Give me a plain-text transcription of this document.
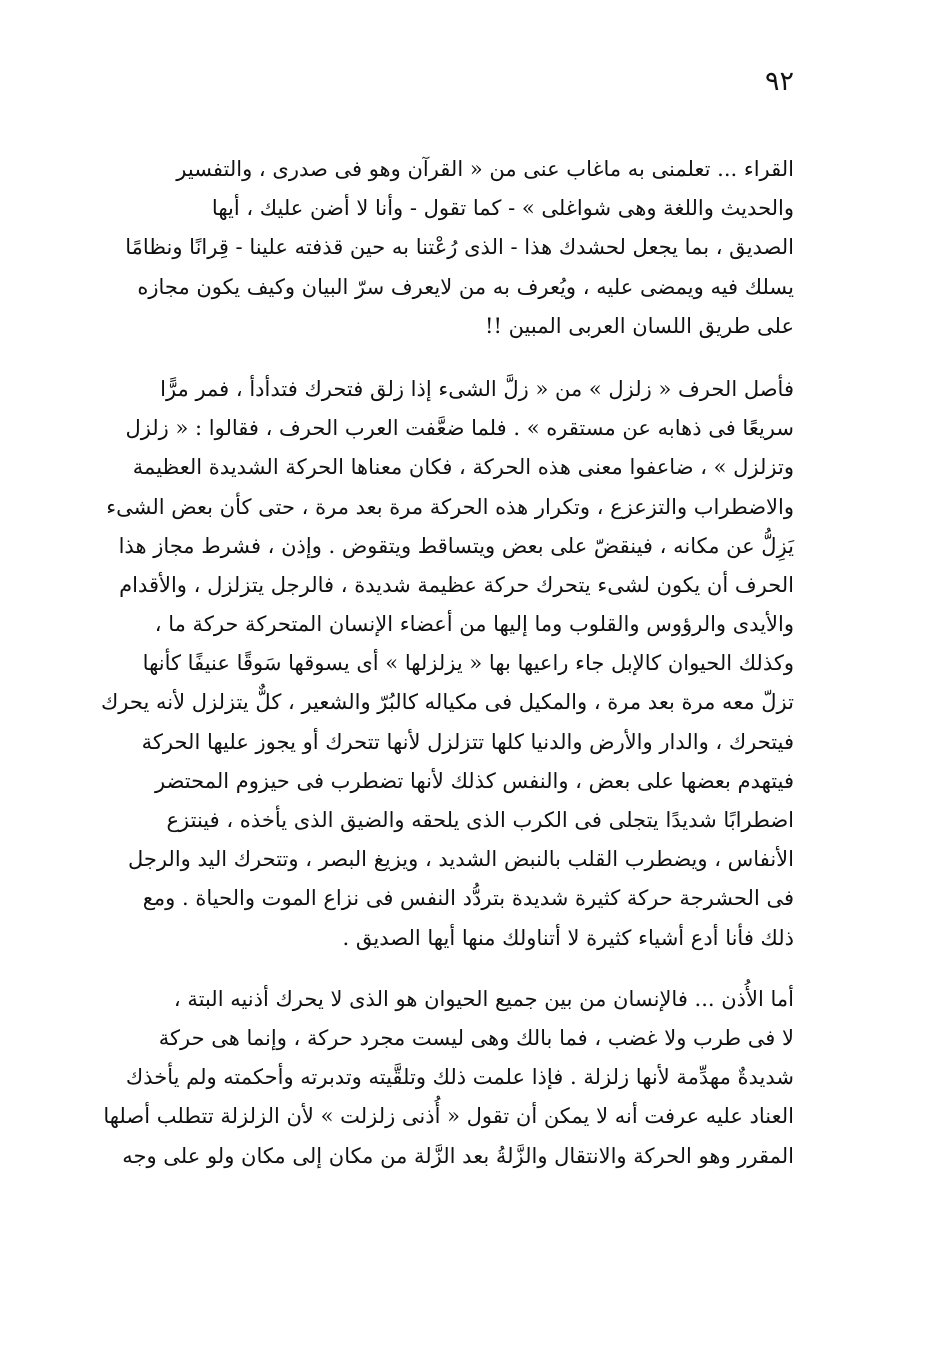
٩٢

القراء ... تعلمنى به ماغاب عنى من « القرآن وهو فى صدرى ، والتفسير
والحديث واللغة وهى شواغلى » - كما تقول - وأنا لا أضن عليك ، أيها
الصديق ، بما يجعل لحشدك هذا - الذى رُعْتنا به حين قذفته علينا - قِرانًا ونظامًا
يسلك فيه ويمضى عليه ، ويُعرف به من لايعرف سرّ البيان وكيف يكون مجازه
على طريق اللسان العربى المبين !!

فأصل الحرف « زلزل » من « زلَّ الشىء إذا زلق فتحرك فتدأدأ ، فمر مرًّا
سريعًا فى ذهابه عن مستقره » . فلما ضعَّفت العرب الحرف ، فقالوا : « زلزل
وتزلزل » ، ضاعفوا معنى هذه الحركة ، فكان معناها الحركة الشديدة العظيمة
والاضطراب والتزعزع ، وتكرار هذه الحركة مرة بعد مرة ، حتى كأن بعض الشىء
يَزِلُّ عن مكانه ، فينقضّ على بعض ويتساقط ويتقوض . وإذن ، فشرط مجاز هذا
الحرف أن يكون لشىء يتحرك حركة عظيمة شديدة ، فالرجل يتزلزل ، والأقدام
والأيدى والرؤوس والقلوب وما إليها من أعضاء الإنسان المتحركة حركة ما ،
وكذلك الحيوان كالإبل جاء راعيها بها « يزلزلها » أى يسوقها سَوقًا عنيفًا كأنها
تزلّ معه مرة بعد مرة ، والمكيل فى مكياله كالبُرّ والشعير ، كلٌّ يتزلزل لأنه يحرك
فيتحرك ، والدار والأرض والدنيا كلها تتزلزل لأنها تتحرك أو يجوز عليها الحركة
فيتهدم بعضها على بعض ، والنفس كذلك لأنها تضطرب فى حيزوم المحتضر
اضطرابًا شديدًا يتجلى فى الكرب الذى يلحقه والضيق الذى يأخذه ، فينتزع
الأنفاس ، ويضطرب القلب بالنبض الشديد ، ويزيغ البصر ، وتتحرك اليد والرجل
فى الحشرجة حركة كثيرة شديدة بتردُّد النفس فى نزاع الموت والحياة . ومع
ذلك فأنا أدع أشياء كثيرة لا أتناولك منها أيها الصديق .

أما الأُذن ... فالإنسان من بين جميع الحيوان هو الذى لا يحرك أذنيه البتة ،
لا فى طرب ولا غضب ، فما بالك وهى ليست مجرد حركة ، وإنما هى حركة
شديدةٌ مهدِّمة لأنها زلزلة . فإذا علمت ذلك وتلقَّيته وتدبرته وأحكمته ولم يأخذك
العناد عليه عرفت أنه لا يمكن أن تقول « أُذنى زلزلت » لأن الزلزلة تتطلب أصلها
المقرر وهو الحركة والانتقال والزَّلةُ بعد الزَّلة من مكان إلى مكان ولو على وجه
